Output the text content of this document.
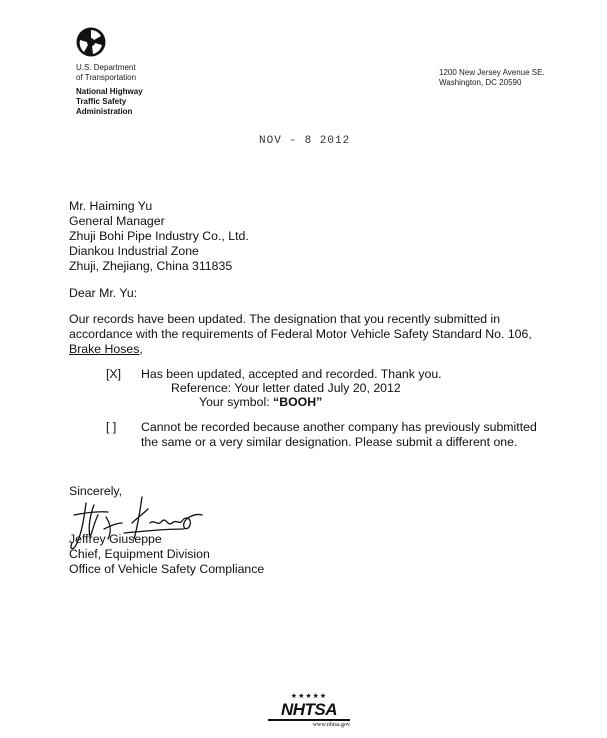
U.S. Department
of Transportation
National Highway
Traffic Safety
Administration
1200 New Jersey Avenue SE.
Washington, DC 20590
NOV - 8 2012
Mr. Haiming Yu
General Manager
Zhuji Bohi Pipe Industry Co., Ltd.
Diankou Industrial Zone
Zhuji, Zhejiang, China 311835
Dear Mr. Yu:
Our records have been updated. The designation that you recently submitted in
accordance with the requirements of Federal Motor Vehicle Safety Standard No. 106,
Brake Hoses,
[X] Has been updated, accepted and recorded. Thank you.
Reference: Your letter dated July 20, 2012
Your symbol: “BOOH”
[ ] Cannot be recorded because another company has previously submitted
the same or a very similar designation. Please submit a different one.
Sincerely,
Jeffrey Giuseppe
Chief, Equipment Division
Office of Vehicle Safety Compliance
★★★★★
NHTSA
www.nhtsa.gov
